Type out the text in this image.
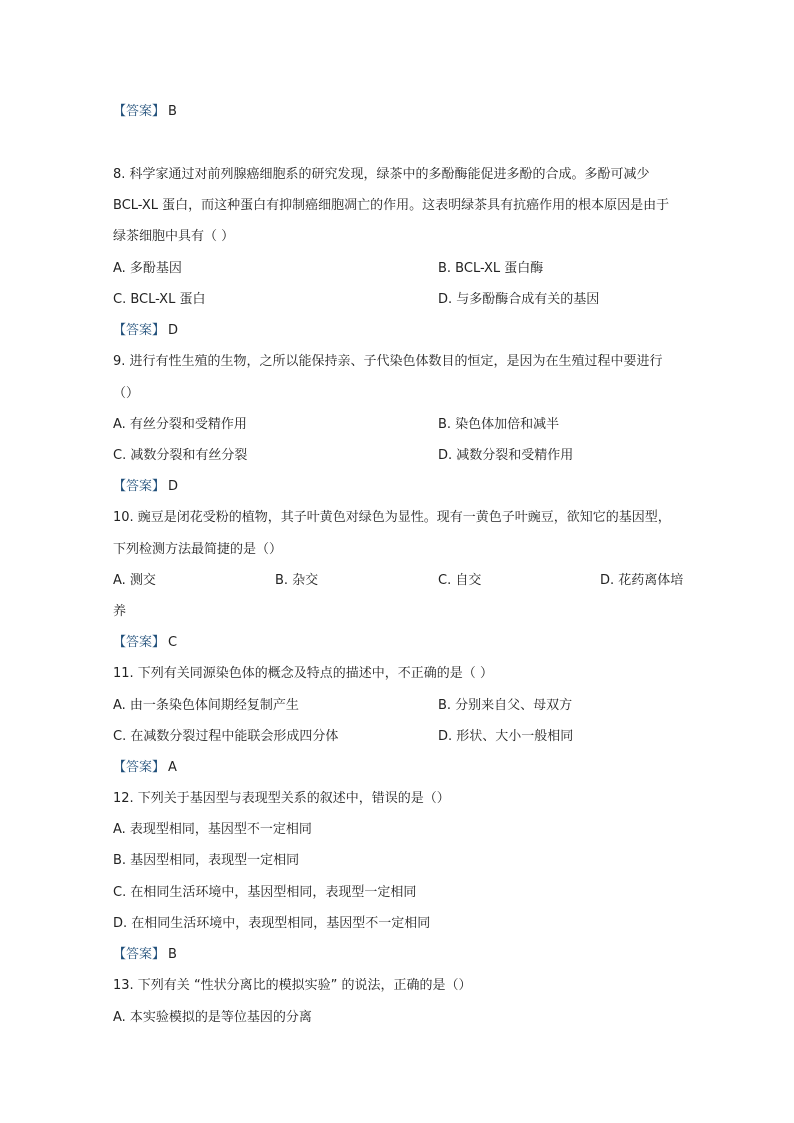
【答案】 B
8. 科学家通过对前列腺癌细胞系的研究发现，绿茶中的多酚酶能促进多酚的合成。多酚可减少
BCL-XL 蛋白，而这种蛋白有抑制癌细胞凋亡的作用。这表明绿茶具有抗癌作用的根本原因是由于
绿茶细胞中具有（ ）
A. 多酚基因	B. BCL-XL 蛋白酶
C. BCL-XL 蛋白	D. 与多酚酶合成有关的基因
【答案】 D
9. 进行有性生殖的生物，之所以能保持亲、子代染色体数目的恒定，是因为在生殖过程中要进行
（）
A. 有丝分裂和受精作用	B. 染色体加倍和减半
C. 减数分裂和有丝分裂	D. 减数分裂和受精作用
【答案】 D
10. 豌豆是闭花受粉的植物，其子叶黄色对绿色为显性。现有一黄色子叶豌豆，欲知它的基因型，
下列检测方法最简捷的是（）
A. 测交	B. 杂交	C. 自交	D. 花药离体培
养
【答案】 C
11. 下列有关同源染色体的概念及特点的描述中，不正确的是（ ）
A. 由一条染色体间期经复制产生	B. 分别来自父、母双方
C. 在减数分裂过程中能联会形成四分体	D. 形状、大小一般相同
【答案】 A
12. 下列关于基因型与表现型关系的叙述中，错误的是（）
A. 表现型相同，基因型不一定相同
B. 基因型相同，表现型一定相同
C. 在相同生活环境中，基因型相同，表现型一定相同
D. 在相同生活环境中，表现型相同，基因型不一定相同
【答案】 B
13. 下列有关 “性状分离比的模拟实验” 的说法，正确的是（）
A. 本实验模拟的是等位基因的分离
